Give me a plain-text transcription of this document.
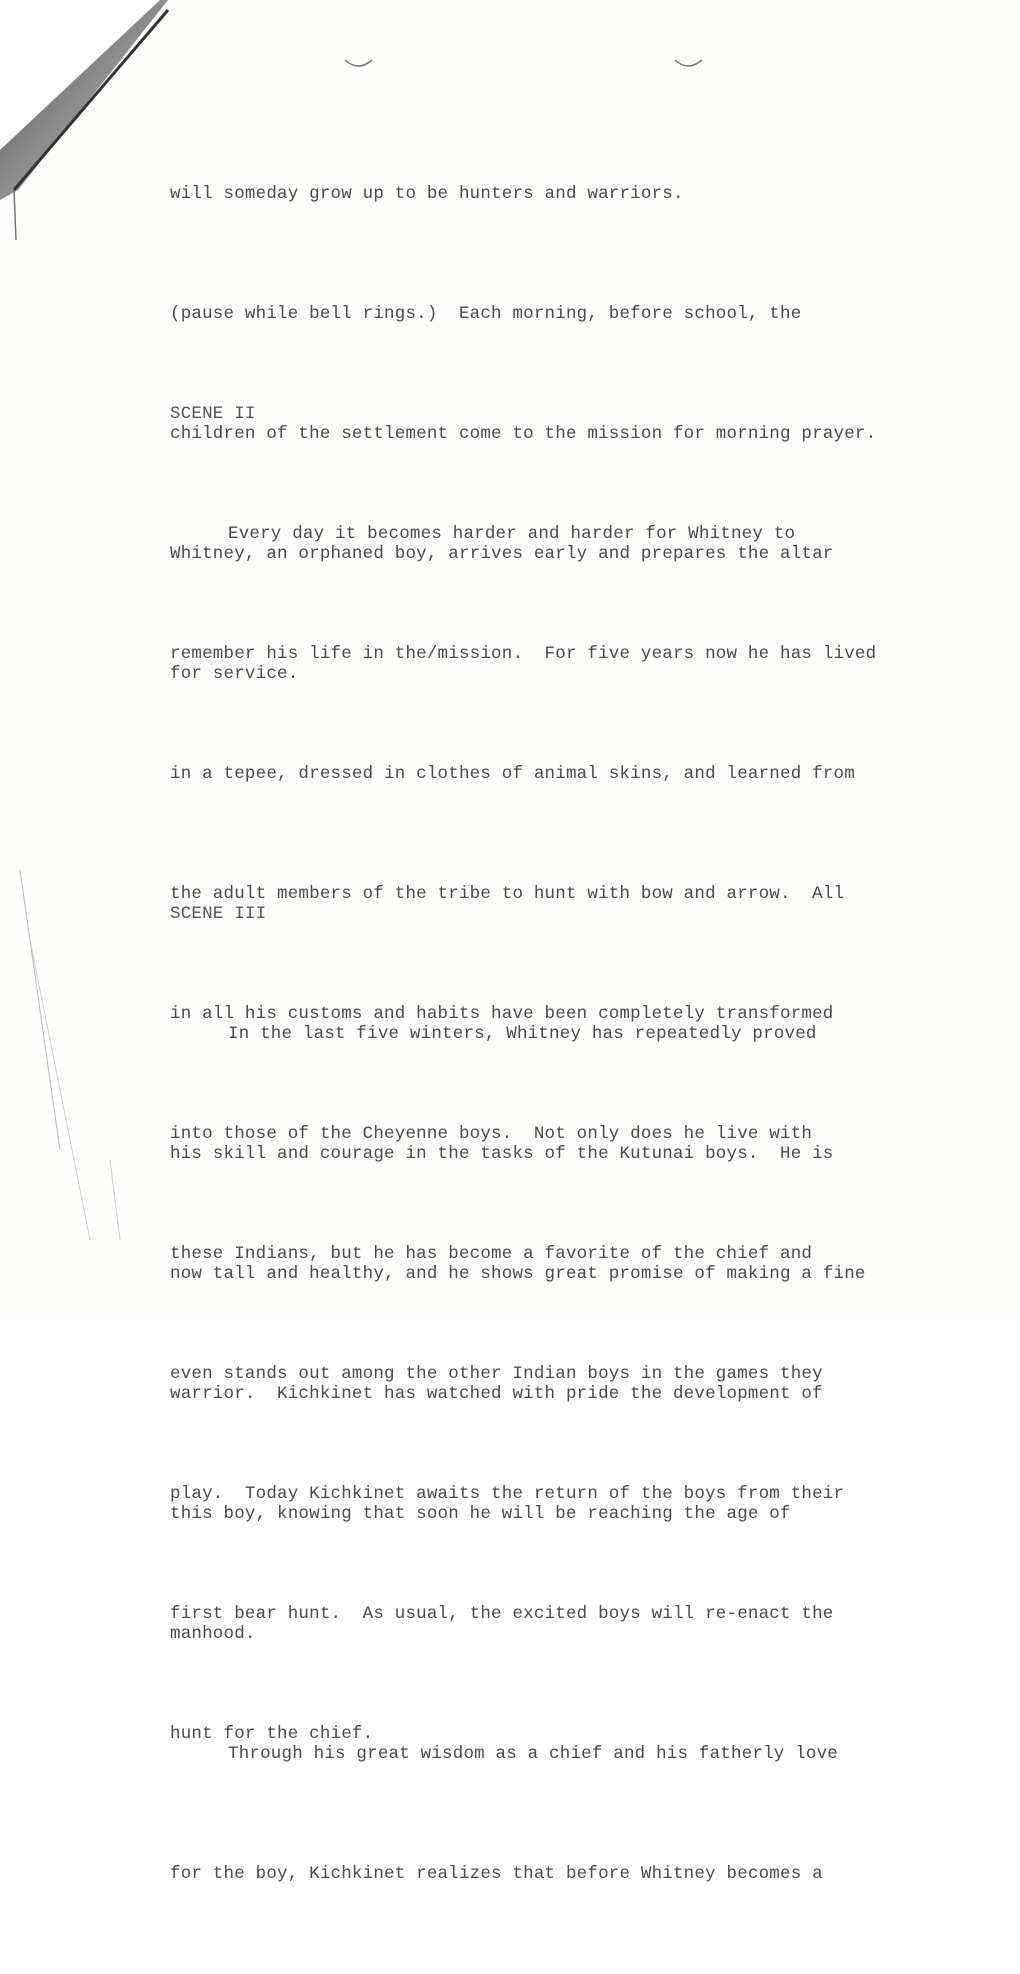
will someday grow up to be hunters and warriors.

(pause while bell rings.)  Each morning, before school, the

children of the settlement come to the mission for morning prayer.

Whitney, an orphaned boy, arrives early and prepares the altar

for service.

SCENE II

Every day it becomes harder and harder for Whitney to

remember his life in the/mission.  For five years now he has lived

in a tepee, dressed in clothes of animal skins, and learned from

the adult members of the tribe to hunt with bow and arrow.  All

in all his customs and habits have been completely transformed

into those of the Cheyenne boys.  Not only does he live with

these Indians, but he has become a favorite of the chief and

even stands out among the other Indian boys in the games they

play.  Today Kichkinet awaits the return of the boys from their

first bear hunt.  As usual, the excited boys will re-enact the

hunt for the chief.

SCENE III

In the last five winters, Whitney has repeatedly proved

his skill and courage in the tasks of the Kutunai boys.  He is

now tall and healthy, and he shows great promise of making a fine

warrior.  Kichkinet has watched with pride the development of

this boy, knowing that soon he will be reaching the age of

manhood.

Through his great wisdom as a chief and his fatherly love

for the boy, Kichkinet realizes that before Whitney becomes a
